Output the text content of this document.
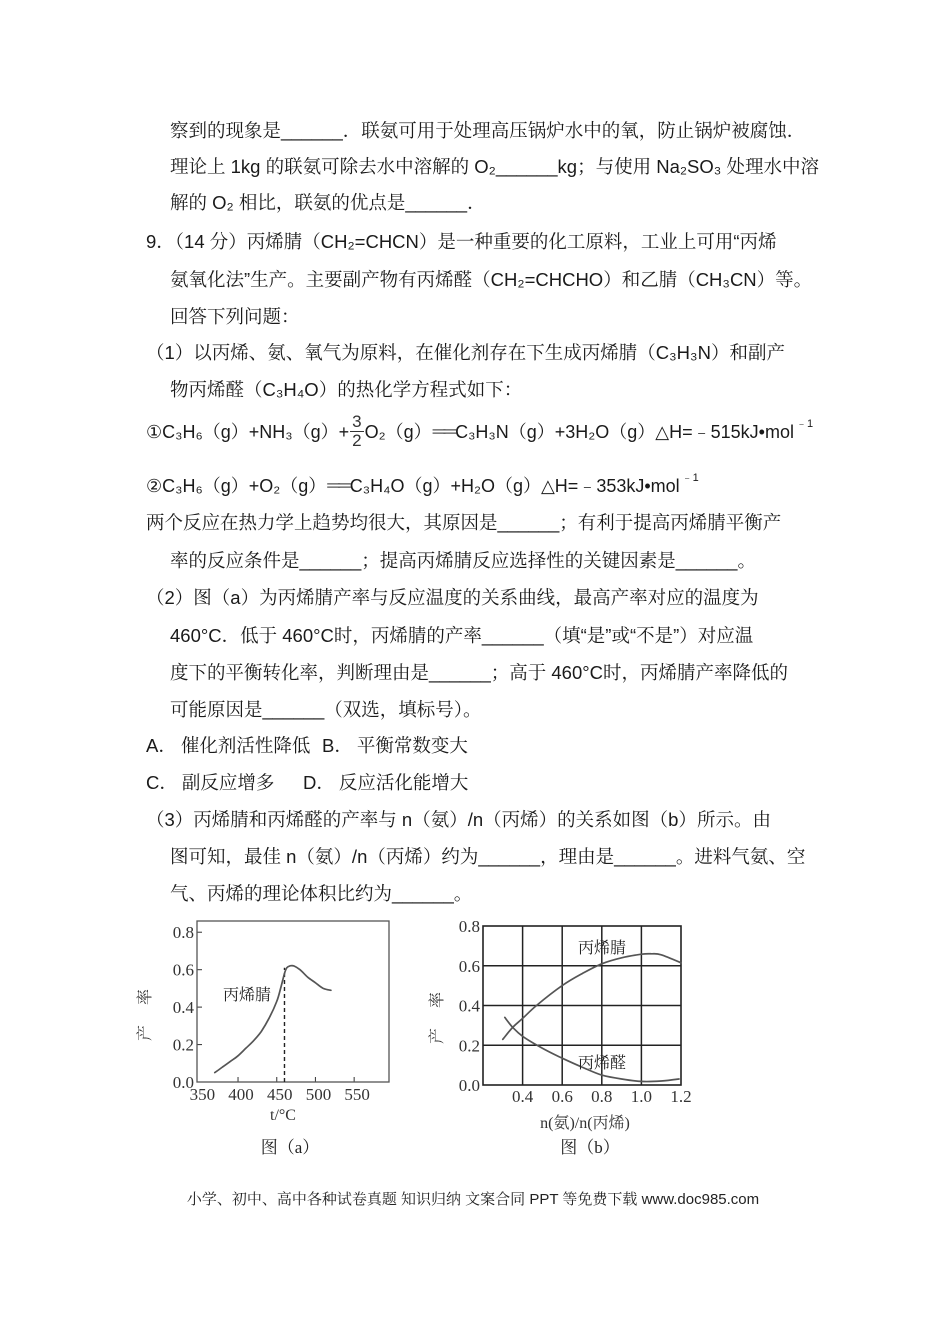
察到的现象是______．联氨可用于处理高压锅炉水中的氧，防止锅炉被腐蚀．
理论上 1kg 的联氨可除去水中溶解的 O₂______kg；与使用 Na₂SO₃ 处理水中溶
解的 O₂ 相比，联氨的优点是______．
9．（14 分）丙烯腈（CH₂=CHCN）是一种重要的化工原料，工业上可用“丙烯
氨氧化法”生产。主要副产物有丙烯醛（CH₂=CHCHO）和乙腈（CH₃CN）等。
回答下列问题：
（1）以丙烯、氨、氧气为原料，在催化剂存在下生成丙烯腈（C₃H₃N）和副产
物丙烯醛（C₃H₄O）的热化学方程式如下：
①C₃H₆（g）+NH₃（g）+ $\frac{3}{2} O_2(g)$ ══ C₃H₃N（g）+3H₂O（g）△H=﹣515kJ•mol ﹣1
②C₃H₆（g）+O₂（g） ══ C₃H₄O（g）+H₂O（g）△H=﹣353kJ•mol ﹣1
两个反应在热力学上趋势均很大，其原因是______；有利于提高丙烯腈平衡产
率的反应条件是______；提高丙烯腈反应选择性的关键因素是______。
（2）图（a）为丙烯腈产率与反应温度的关系曲线，最高产率对应的温度为
460°C．低于 460°C时，丙烯腈的产率______（填“是”或“不是”）对应温
度下的平衡转化率，判断理由是______；高于 460°C时，丙烯腈产率降低的
可能原因是______（双选，填标号）。
A． 催化剂活性降低 B． 平衡常数变大
C． 副反应增多 D． 反应活化能增大
（3）丙烯腈和丙烯醛的产率与 n（氨）/n（丙烯）的关系如图（b）所示。由
图可知，最佳 n（氨）/n（丙烯）约为______，理由是______。进料气氨、空
气、丙烯的理论体积比约为______。
0.0
0.2
0.4
0.6
0.8
350 400 450 500 550
丙烯腈
产率
t/°C
图（a）
0.0
0.2
0.4
0.6
0.8
0.4 0.6 0.8 1.0 1.2
丙烯腈
丙烯醛
产率
n(氨)/n(丙烯)
图（b）
小学、初中、高中各种试卷真题 知识归纳 文案合同 PPT 等免费下载 www.doc985.com
